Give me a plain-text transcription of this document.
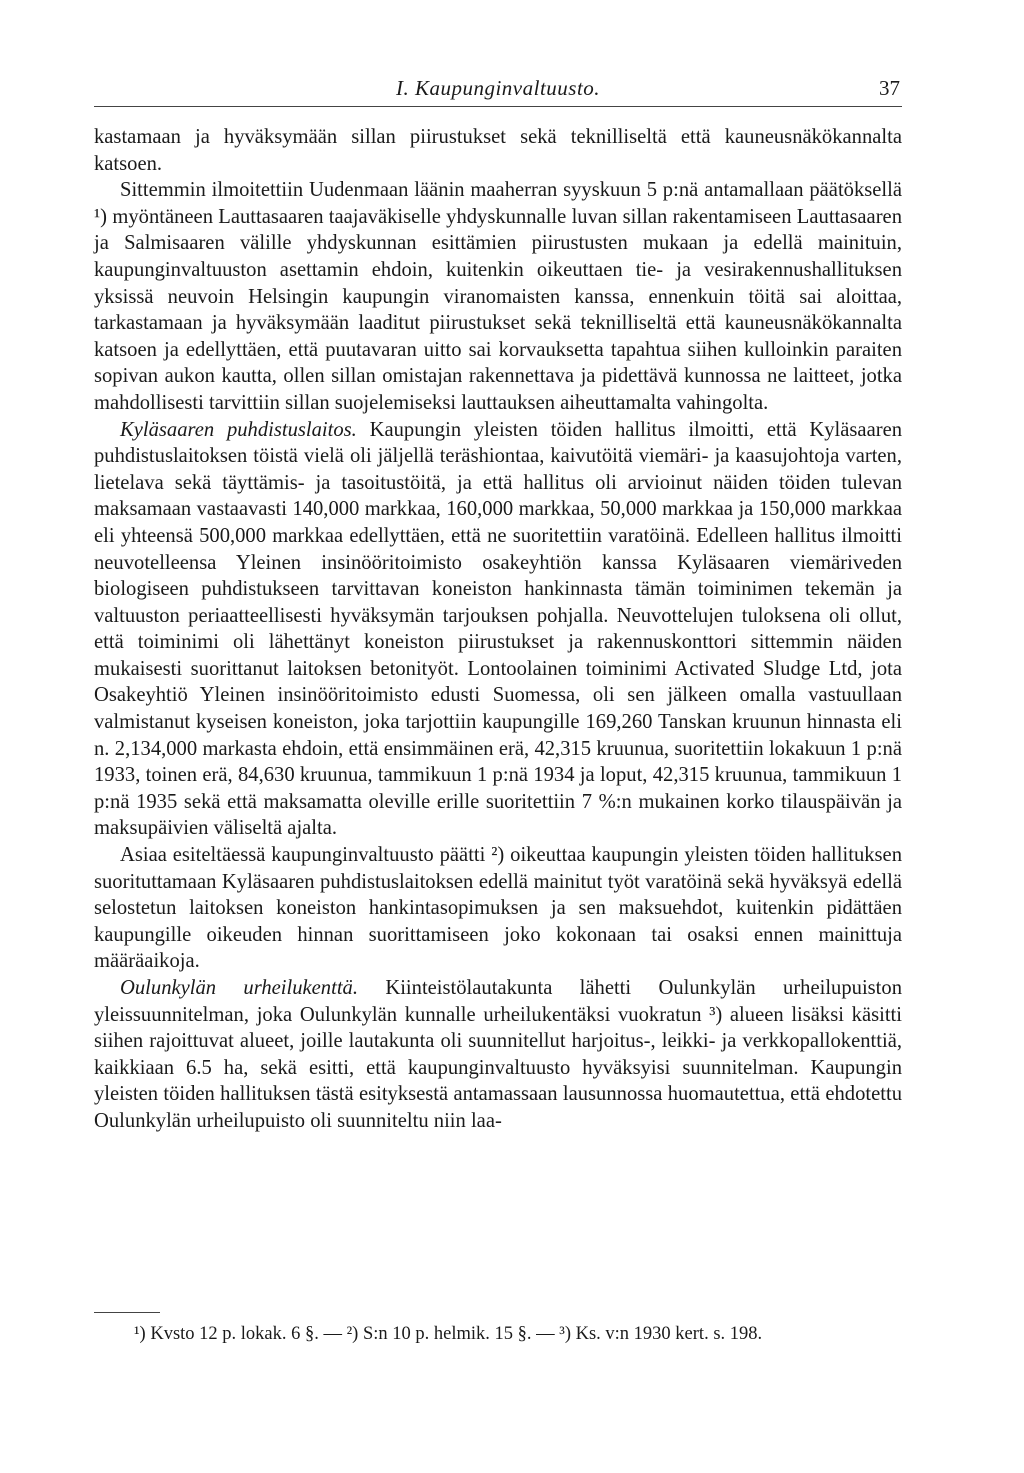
I. Kaupunginvaltuusto.	37

kastamaan ja hyväksymään sillan piirustukset sekä teknilliseltä että kauneusnäkökannalta katsoen.

Sittemmin ilmoitettiin Uudenmaan läänin maaherran syyskuun 5 p:nä antamallaan päätöksellä ¹) myöntäneen Lauttasaaren taajaväkiselle yhdyskunnalle luvan sillan rakentamiseen Lauttasaaren ja Salmisaaren välille yhdyskunnan esittämien piirustusten mukaan ja edellä mainituin, kaupunginvaltuuston asettamin ehdoin, kuitenkin oikeuttaen tie- ja vesirakennushallituksen yksissä neuvoin Helsingin kaupungin viranomaisten kanssa, ennenkuin töitä sai aloittaa, tarkastamaan ja hyväksymään laaditut piirustukset sekä teknilliseltä että kauneusnäkökannalta katsoen ja edellyttäen, että puutavaran uitto sai korvauksetta tapahtua siihen kulloinkin paraiten sopivan aukon kautta, ollen sillan omistajan rakennettava ja pidettävä kunnossa ne laitteet, jotka mahdollisesti tarvittiin sillan suojelemiseksi lauttauksen aiheuttamalta vahingolta.

Kyläsaaren puhdistuslaitos. Kaupungin yleisten töiden hallitus ilmoitti, että Kyläsaaren puhdistuslaitoksen töistä vielä oli jäljellä teräshiontaa, kaivutöitä viemäri- ja kaasujohtoja varten, lietelava sekä täyttämis- ja tasoitustöitä, ja että hallitus oli arvioinut näiden töiden tulevan maksamaan vastaavasti 140,000 markkaa, 160,000 markkaa, 50,000 markkaa ja 150,000 markkaa eli yhteensä 500,000 markkaa edellyttäen, että ne suoritettiin varatöinä. Edelleen hallitus ilmoitti neuvotelleensa Yleinen insinööritoimisto osakeyhtiön kanssa Kyläsaaren viemäriveden biologiseen puhdistukseen tarvittavan koneiston hankinnasta tämän toiminimen tekemän ja valtuuston periaatteellisesti hyväksymän tarjouksen pohjalla. Neuvottelujen tuloksena oli ollut, että toiminimi oli lähettänyt koneiston piirustukset ja rakennuskonttori sittemmin näiden mukaisesti suorittanut laitoksen betonityöt. Lontoolainen toiminimi Activated Sludge Ltd, jota Osakeyhtiö Yleinen insinööritoimisto edusti Suomessa, oli sen jälkeen omalla vastuullaan valmistanut kyseisen koneiston, joka tarjottiin kaupungille 169,260 Tanskan kruunun hinnasta eli n. 2,134,000 markasta ehdoin, että ensimmäinen erä, 42,315 kruunua, suoritettiin lokakuun 1 p:nä 1933, toinen erä, 84,630 kruunua, tammikuun 1 p:nä 1934 ja loput, 42,315 kruunua, tammikuun 1 p:nä 1935 sekä että maksamatta oleville erille suoritettiin 7 %:n mukainen korko tilauspäivän ja maksupäivien väliseltä ajalta.

Asiaa esiteltäessä kaupunginvaltuusto päätti ²) oikeuttaa kaupungin yleisten töiden hallituksen suorituttamaan Kyläsaaren puhdistuslaitoksen edellä mainitut työt varatöinä sekä hyväksyä edellä selostetun laitoksen koneiston hankintasopimuksen ja sen maksuehdot, kuitenkin pidättäen kaupungille oikeuden hinnan suorittamiseen joko kokonaan tai osaksi ennen mainittuja määräaikoja.

Oulunkylän urheilukenttä. Kiinteistölautakunta lähetti Oulunkylän urheilupuiston yleissuunnitelman, joka Oulunkylän kunnalle urheilukentäksi vuokratun ³) alueen lisäksi käsitti siihen rajoittuvat alueet, joille lautakunta oli suunnitellut harjoitus-, leikki- ja verkkopallokenttiä, kaikkiaan 6.5 ha, sekä esitti, että kaupunginvaltuusto hyväksyisi suunnitelman. Kaupungin yleisten töiden hallituksen tästä esityksestä antamassaan lausunnossa huomautettua, että ehdotettu Oulunkylän urheilupuisto oli suunniteltu niin laa-

¹) Kvsto 12 p. lokak. 6 §. — ²) S:n 10 p. helmik. 15 §. — ³) Ks. v:n 1930 kert. s. 198.
